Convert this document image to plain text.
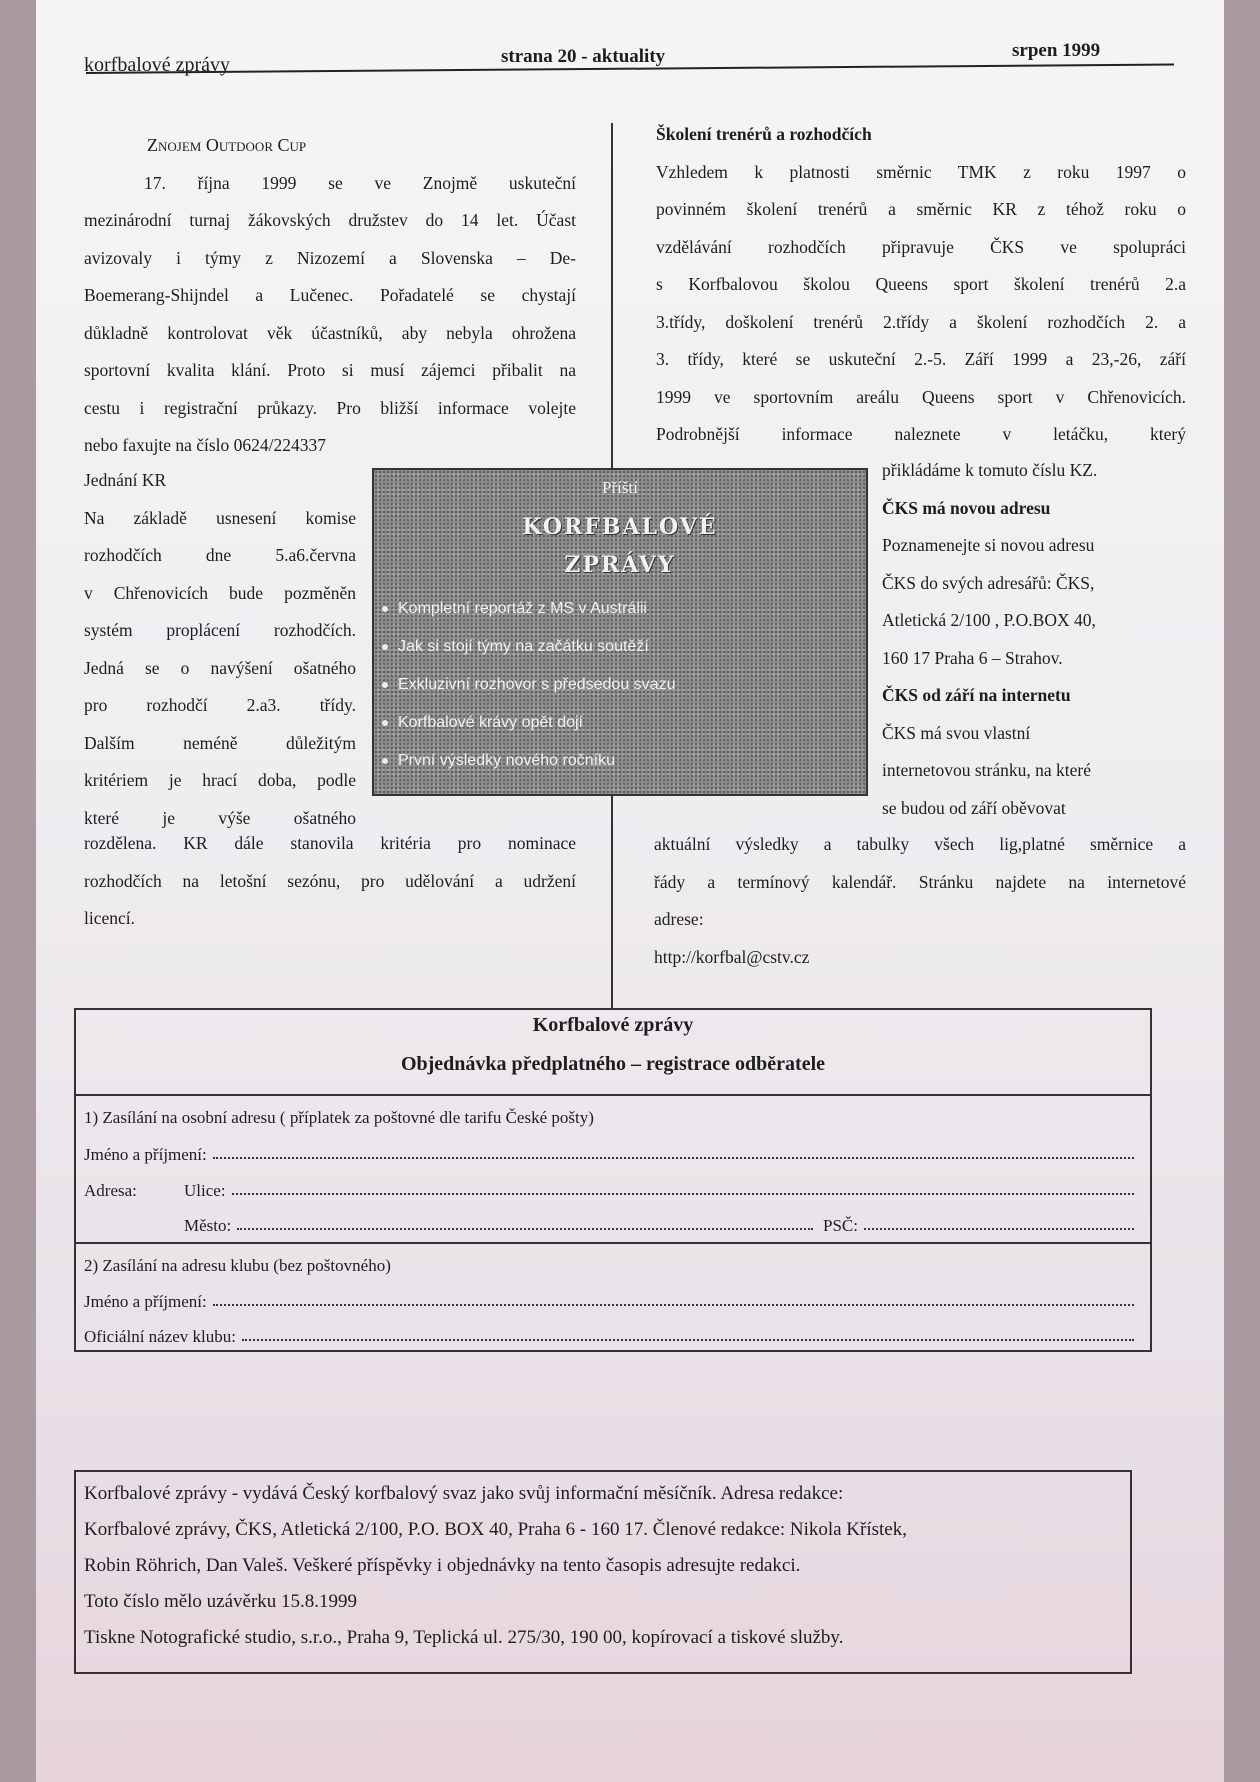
korfbalové zprávy	strana 20 - aktuality	srpen 1999
Znojem Outdoor Cup
17. října 1999 se ve Znojmě uskuteční
mezinárodní turnaj žákovských družstev do 14 let. Účast
avizovaly i týmy z Nizozemí a Slovenska – De-
Boemerang-Shijndel a Lučenec. Pořadatelé se chystají
důkladně kontrolovat věk účastníků, aby nebyla ohrožena
sportovní kvalita klání. Proto si musí zájemci přibalit na
cestu i registrační průkazy. Pro bližší informace volejte
nebo faxujte na číslo 0624/224337
Jednání KR
Na základě usnesení komise
rozhodčích dne 5.a6.června
v Chřenovicích bude pozměněn
systém proplácení rozhodčích.
Jedná se o navýšení ošatného
pro rozhodčí 2.a3. třídy.
Dalším neméně důležitým
kritériem je hrací doba, podle
které je výše ošatného
rozdělena. KR dále stanovila kritéria pro nominace
rozhodčích na letošní sezónu, pro udělování a udržení
licencí.
Školení trenérů a rozhodčích
Vzhledem k platnosti směrnic TMK z roku 1997 o
povinném školení trenérů a směrnic KR z téhož roku o
vzdělávání rozhodčích připravuje ČKS ve spolupráci
s Korfbalovou školou Queens sport školení trenérů 2.a
3.třídy, doškolení trenérů 2.třídy a školení rozhodčích 2. a
3. třídy, které se uskuteční 2.-5. Září 1999 a 23,-26, září
1999 ve sportovním areálu Queens sport v Chřenovicích.
Podrobnější informace naleznete v letáčku, který
přikládáme k tomuto číslu KZ.
ČKS má novou adresu
Poznamenejte si novou adresu
ČKS do svých adresářů: ČKS,
Atletická 2/100 , P.O.BOX 40,
160 17 Praha 6 – Strahov.
ČKS od září na internetu
ČKS má svou vlastní
internetovou stránku, na které
se budou od září oběvovat
aktuální výsledky a tabulky všech lig,platné směrnice a
řády a termínový kalendář. Stránku najdete na internetové
adrese:
http://korfbal@cstv.cz
Příští
KORFBALOVÉ
ZPRÁVY
Kompletní reportáž z MS v Austrálii
Jak si stojí týmy na začátku soutěží
Exkluzivní rozhovor s předsedou svazu
Korfbalové krávy opět dojí
První výsledky nového ročníku
Korfbalové zprávy
Objednávka předplatného – registrace odběratele
1) Zasílání na osobní adresu ( příplatek za poštovné dle tarifu České pošty)
Jméno a příjmení:
Adresa:	Ulice:
Město:	PSČ:
2) Zasílání na adresu klubu (bez poštovného)
Jméno a příjmení:
Oficiální název klubu:
Korfbalové zprávy - vydává Český korfbalový svaz jako svůj informační měsíčník. Adresa redakce:
Korfbalové zprávy, ČKS, Atletická 2/100, P.O. BOX 40, Praha 6 - 160 17. Členové redakce: Nikola Křístek,
Robin Röhrich, Dan Valeš. Veškeré příspěvky i objednávky na tento časopis adresujte redakci.
Toto číslo mělo uzávěrku 15.8.1999
Tiskne Notografické studio, s.r.o., Praha 9, Teplická ul. 275/30, 190 00, kopírovací a tiskové služby.
